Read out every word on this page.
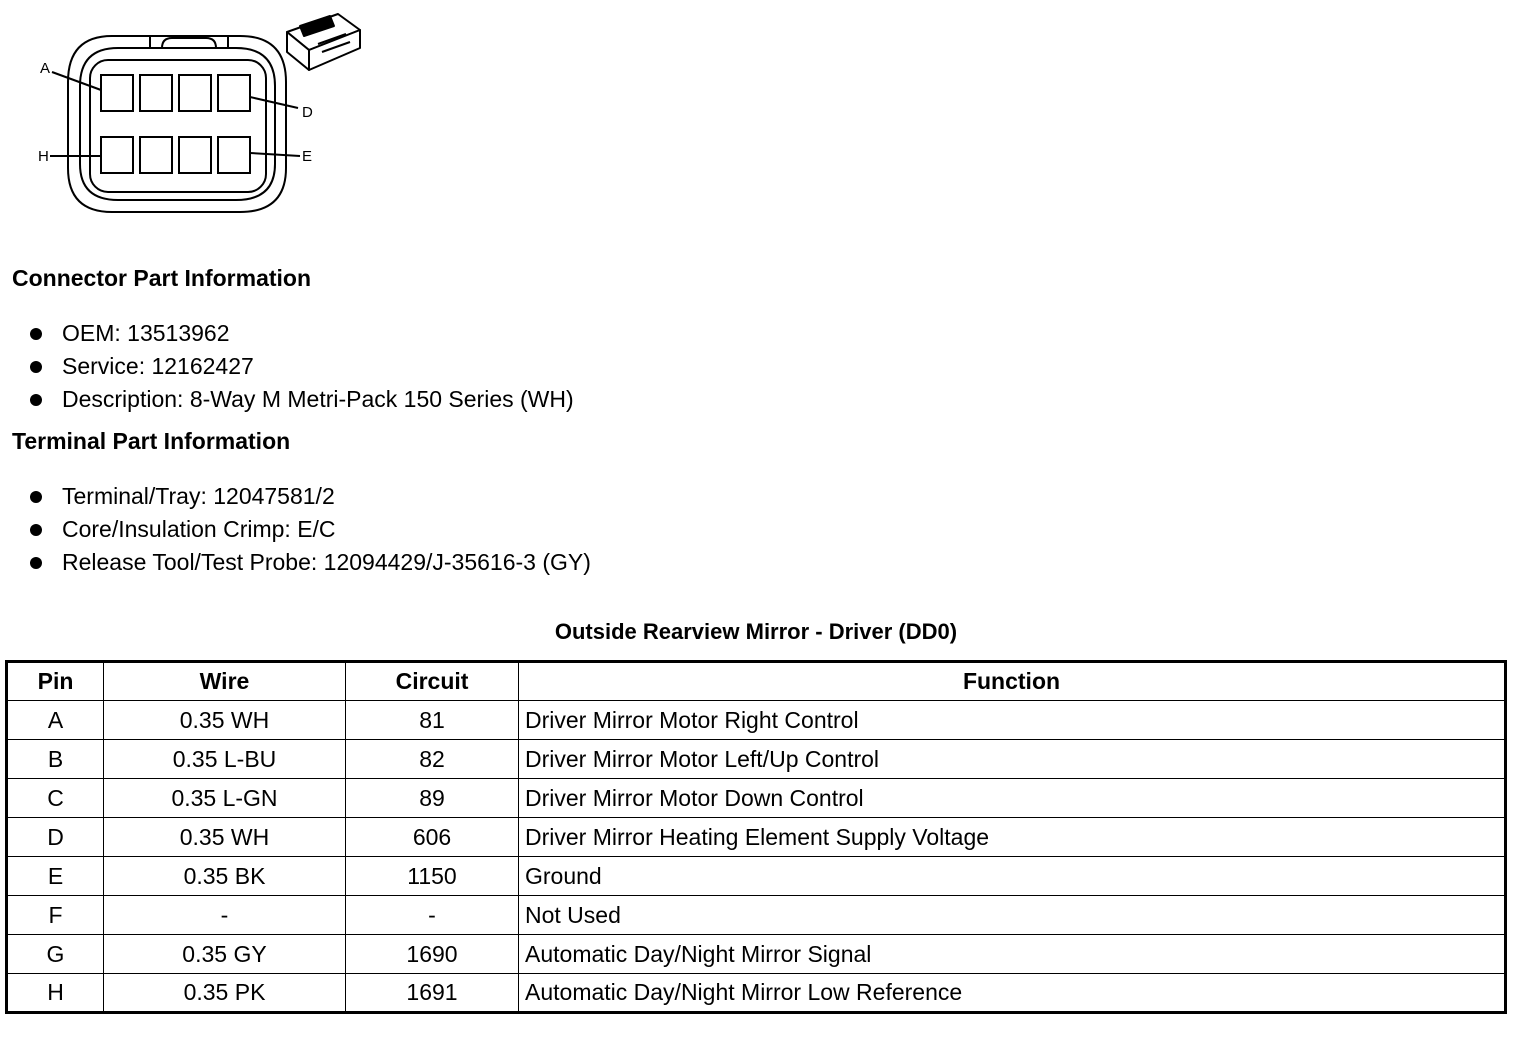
A
D
H	E
Connector Part Information
OEM: 13513962
Service: 12162427
Description: 8-Way M Metri-Pack 150 Series (WH)
Terminal Part Information
Terminal/Tray: 12047581/2
Core/Insulation Crimp: E/C
Release Tool/Test Probe: 12094429/J-35616-3 (GY)
Outside Rearview Mirror - Driver (DD0)
Pin	Wire	Circuit	Function
A	0.35 WH	81	Driver Mirror Motor Right Control
B	0.35 L-BU	82	Driver Mirror Motor Left/Up Control
C	0.35 L-GN	89	Driver Mirror Motor Down Control
D	0.35 WH	606	Driver Mirror Heating Element Supply Voltage
E	0.35 BK	1150	Ground
F	-	-	Not Used
G	0.35 GY	1690	Automatic Day/Night Mirror Signal
H	0.35 PK	1691	Automatic Day/Night Mirror Low Reference
